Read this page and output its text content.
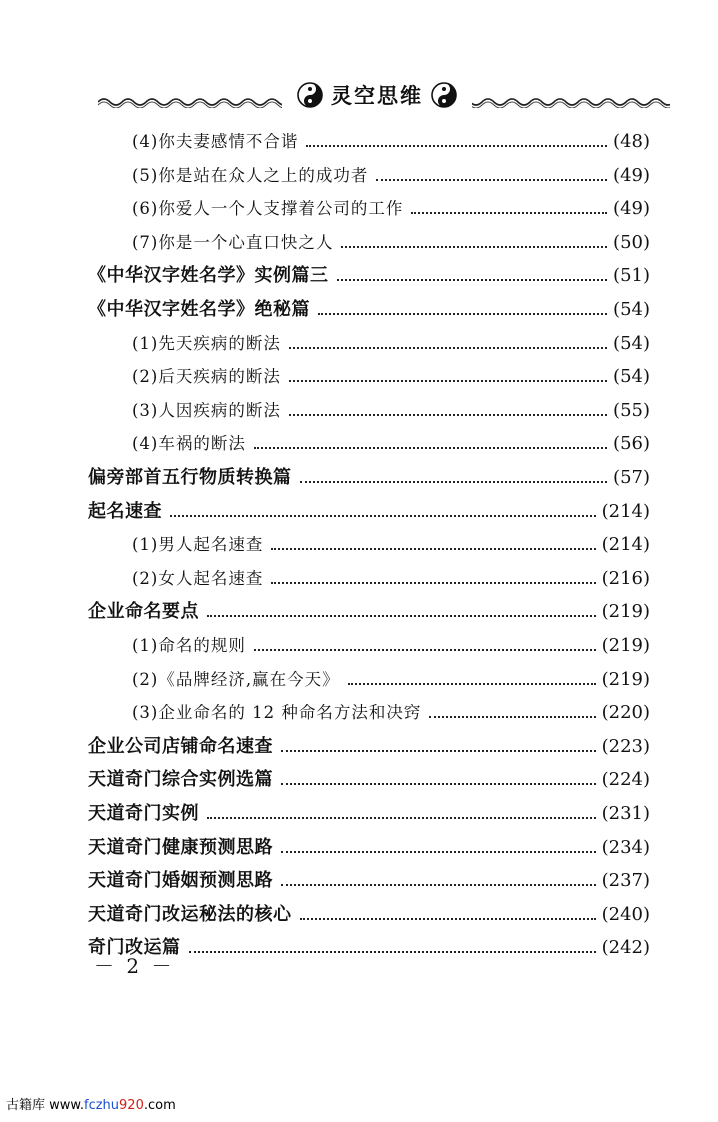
灵空思维
(4)你夫妻感情不合谐	(48)
(5)你是站在众人之上的成功者	(49)
(6)你爱人一个人支撑着公司的工作	(49)
(7)你是一个心直口快之人	(50)
《中华汉字姓名学》实例篇三	(51)
《中华汉字姓名学》绝秘篇	(54)
(1)先天疾病的断法	(54)
(2)后天疾病的断法	(54)
(3)人因疾病的断法	(55)
(4)车祸的断法	(56)
偏旁部首五行物质转换篇	(57)
起名速查	(214)
(1)男人起名速查	(214)
(2)女人起名速查	(216)
企业命名要点	(219)
(1)命名的规则	(219)
(2)《品牌经济,赢在今天》	(219)
(3)企业命名的 12 种命名方法和决窍	(220)
企业公司店铺命名速查	(223)
天道奇门综合实例选篇	(224)
天道奇门实例	(231)
天道奇门健康预测思路	(234)
天道奇门婚姻预测思路	(237)
天道奇门改运秘法的核心	(240)
奇门改运篇	(242)
－ 2 －
古籍库 www.fczhu920.com
